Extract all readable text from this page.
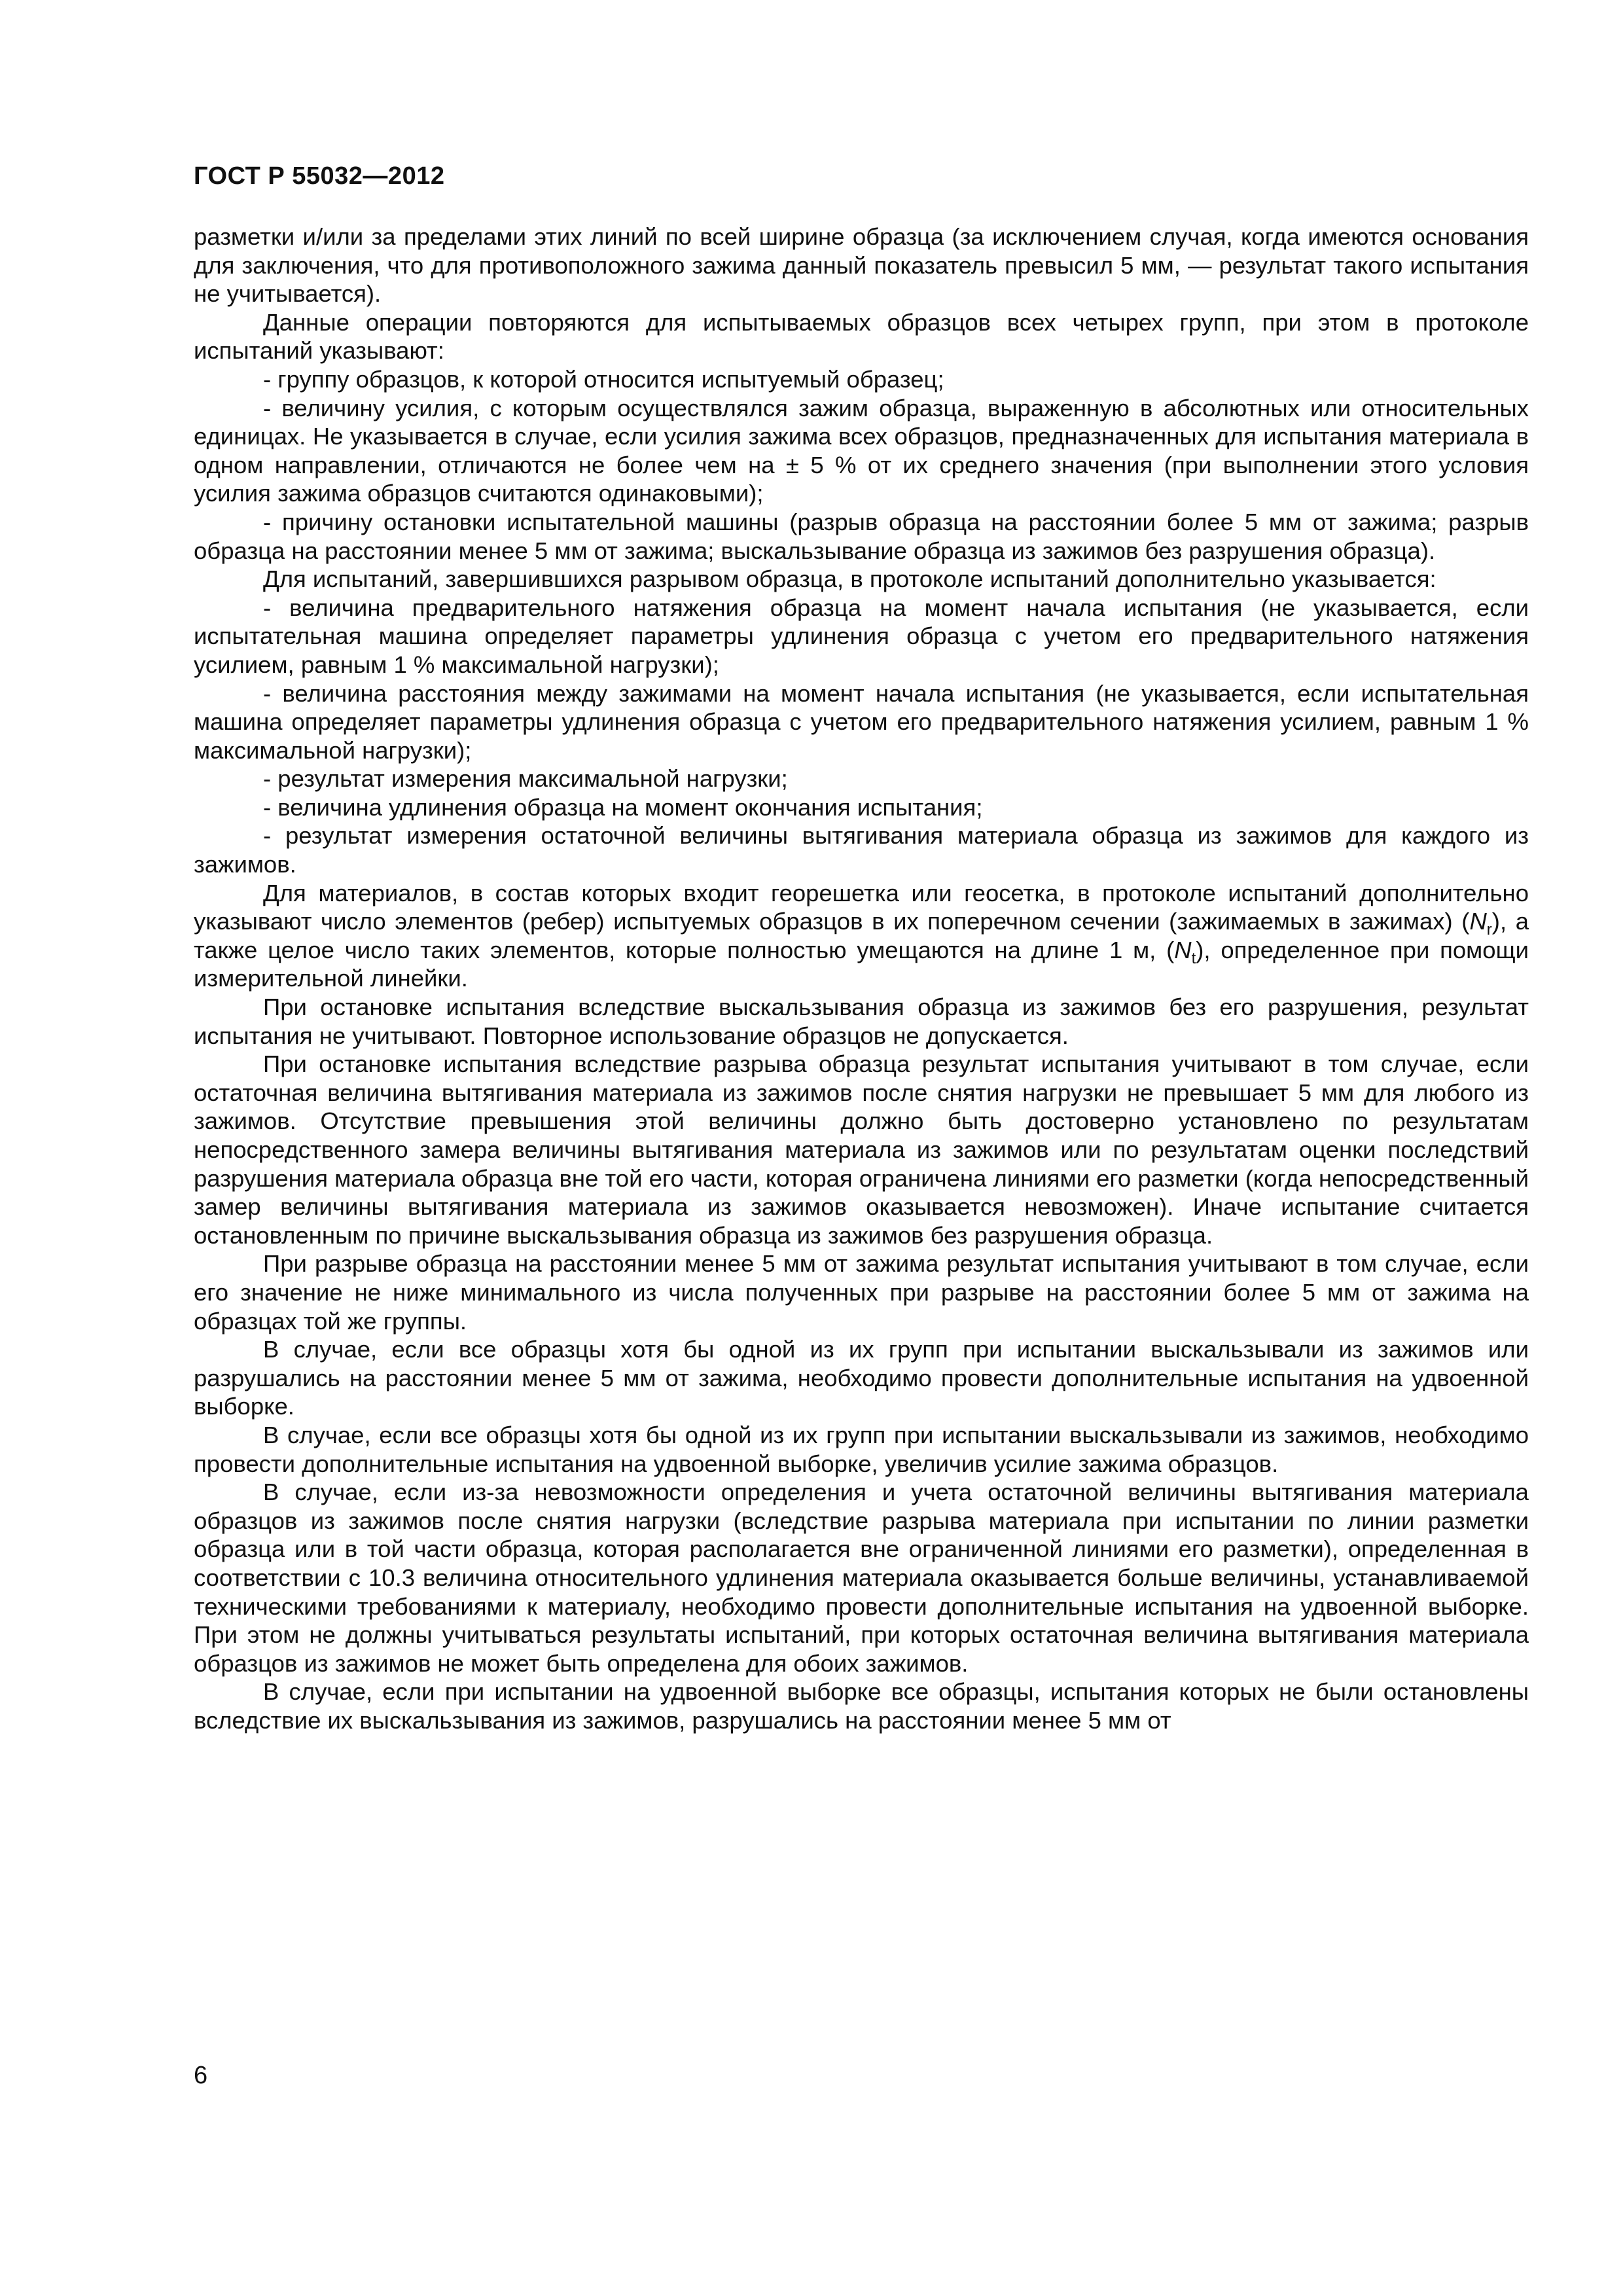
ГОСТ Р 55032—2012

разметки и/или за пределами этих линий по всей ширине образца (за исключением случая, когда имеются основания для заключения, что для противоположного зажима данный показатель превысил 5 мм, — результат такого испытания не учитывается).

Данные операции повторяются для испытываемых образцов всех четырех групп, при этом в протоколе испытаний указывают:

- группу образцов, к которой относится испытуемый образец;

- величину усилия, с которым осуществлялся зажим образца, выраженную в абсолютных или относительных единицах. Не указывается в случае, если усилия зажима всех образцов, предназначенных для испытания материала в одном направлении, отличаются не более чем на ± 5 % от их среднего значения (при выполнении этого условия усилия зажима образцов считаются одинаковыми);

- причину остановки испытательной машины (разрыв образца на расстоянии более 5 мм от зажима; разрыв образца на расстоянии менее 5 мм от зажима; выскальзывание образца из зажимов без разрушения образца).

Для испытаний, завершившихся разрывом образца, в протоколе испытаний дополнительно указывается:

- величина предварительного натяжения образца на момент начала испытания (не указывается, если испытательная машина определяет параметры удлинения образца с учетом его предварительного натяжения усилием, равным 1 % максимальной нагрузки);

- величина расстояния между зажимами на момент начала испытания (не указывается, если испытательная машина определяет параметры удлинения образца с учетом его предварительного натяжения усилием, равным 1 % максимальной нагрузки);

- результат измерения максимальной нагрузки;

- величина удлинения образца на момент окончания испытания;

- результат измерения остаточной величины вытягивания материала образца из зажимов для каждого из зажимов.

Для материалов, в состав которых входит георешетка или геосетка, в протоколе испытаний дополнительно указывают число элементов (ребер) испытуемых образцов в их поперечном сечении (зажимаемых в зажимах) $(N_r)$, а также целое число таких элементов, которые полностью умещаются на длине 1 м, $(N_t)$, определенное при помощи измерительной линейки.

При остановке испытания вследствие выскальзывания образца из зажимов без его разрушения, результат испытания не учитывают. Повторное использование образцов не допускается.

При остановке испытания вследствие разрыва образца результат испытания учитывают в том случае, если остаточная величина вытягивания материала из зажимов после снятия нагрузки не превышает 5 мм для любого из зажимов. Отсутствие превышения этой величины должно быть достоверно установлено по результатам непосредственного замера величины вытягивания материала из зажимов или по результатам оценки последствий разрушения материала образца вне той его части, которая ограничена линиями его разметки (когда непосредственный замер величины вытягивания материала из зажимов оказывается невозможен). Иначе испытание считается остановленным по причине выскальзывания образца из зажимов без разрушения образца.

При разрыве образца на расстоянии менее 5 мм от зажима результат испытания учитывают в том случае, если его значение не ниже минимального из числа полученных при разрыве на расстоянии более 5 мм от зажима на образцах той же группы.

В случае, если все образцы хотя бы одной из их групп при испытании выскальзывали из зажимов или разрушались на расстоянии менее 5 мм от зажима, необходимо провести дополнительные испытания на удвоенной выборке.

В случае, если все образцы хотя бы одной из их групп при испытании выскальзывали из зажимов, необходимо провести дополнительные испытания на удвоенной выборке, увеличив усилие зажима образцов.

В случае, если из-за невозможности определения и учета остаточной величины вытягивания материала образцов из зажимов после снятия нагрузки (вследствие разрыва материала при испытании по линии разметки образца или в той части образца, которая располагается вне ограниченной линиями его разметки), определенная в соответствии с 10.3 величина относительного удлинения материала оказывается больше величины, устанавливаемой техническими требованиями к материалу, необходимо провести дополнительные испытания на удвоенной выборке. При этом не должны учитываться результаты испытаний, при которых остаточная величина вытягивания материала образцов из зажимов не может быть определена для обоих зажимов.

В случае, если при испытании на удвоенной выборке все образцы, испытания которых не были остановлены вследствие их выскальзывания из зажимов, разрушались на расстоянии менее 5 мм от

6
